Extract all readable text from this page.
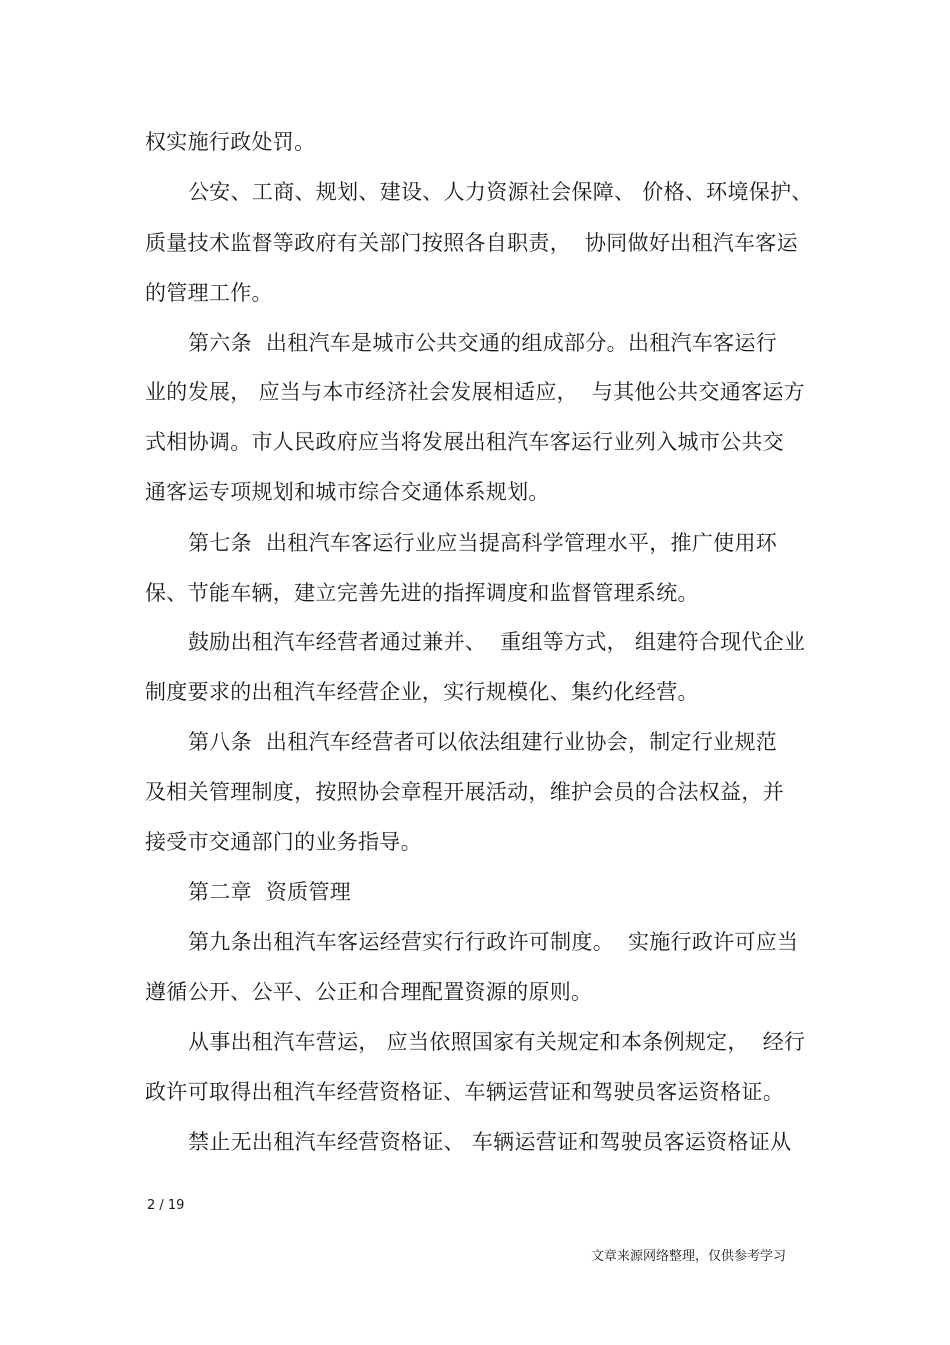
权实施行政处罚。
公安、工商、规划、建设、人力资源社会保障、 价格、环境保护、
质量技术监督等政府有关部门按照各自职责，  协同做好出租汽车客运
的管理工作。
第六条  出租汽车是城市公共交通的组成部分。出租汽车客运行
业的发展， 应当与本市经济社会发展相适应，  与其他公共交通客运方
式相协调。市人民政府应当将发展出租汽车客运行业列入城市公共交
通客运专项规划和城市综合交通体系规划。
第七条  出租汽车客运行业应当提高科学管理水平，推广使用环
保、节能车辆，建立完善先进的指挥调度和监督管理系统。
鼓励出租汽车经营者通过兼并、  重组等方式， 组建符合现代企业
制度要求的出租汽车经营企业，实行规模化、集约化经营。
第八条  出租汽车经营者可以依法组建行业协会，制定行业规范
及相关管理制度，按照协会章程开展活动，维护会员的合法权益，并
接受市交通部门的业务指导。
第二章  资质管理
第九条出租汽车客运经营实行行政许可制度。  实施行政许可应当
遵循公开、公平、公正和合理配置资源的原则。
从事出租汽车营运， 应当依照国家有关规定和本条例规定，  经行
政许可取得出租汽车经营资格证、车辆运营证和驾驶员客运资格证。
禁止无出租汽车经营资格证、 车辆运营证和驾驶员客运资格证从
2 / 19
文章来源网络整理，仅供参考学习
